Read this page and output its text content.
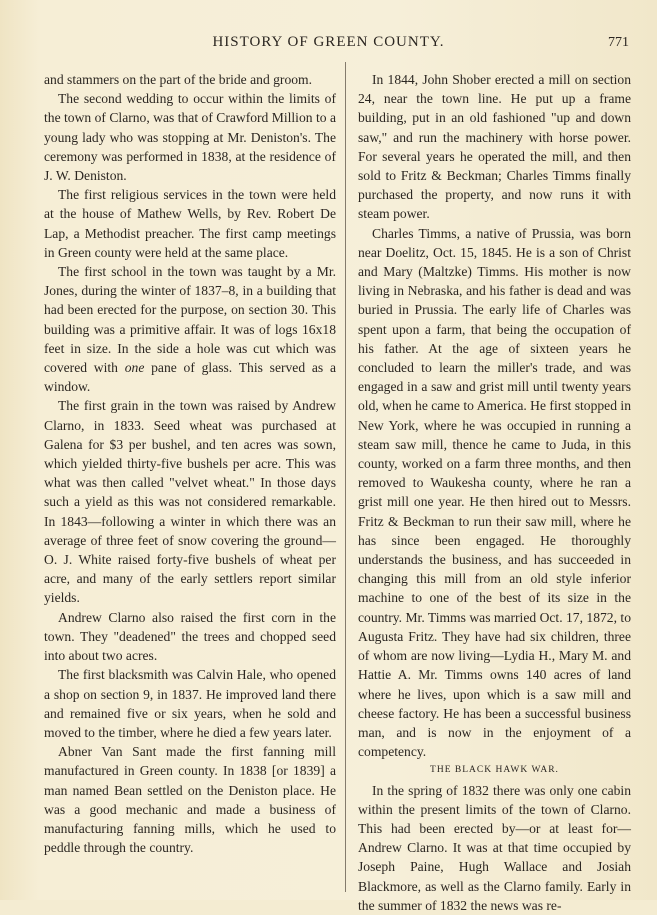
HISTORY OF GREEN COUNTY.	771

and stammers on the part of the bride and groom.

The second wedding to occur within the limits of the town of Clarno, was that of Crawford Million to a young lady who was stopping at Mr. Deniston's. The ceremony was performed in 1838, at the residence of J. W. Deniston.

The first religious services in the town were held at the house of Mathew Wells, by Rev. Robert De Lap, a Methodist preacher. The first camp meetings in Green county were held at the same place.

The first school in the town was taught by a Mr. Jones, during the winter of 1837–8, in a building that had been erected for the purpose, on section 30. This building was a primitive affair. It was of logs 16x18 feet in size. In the side a hole was cut which was covered with one pane of glass. This served as a window.

The first grain in the town was raised by Andrew Clarno, in 1833. Seed wheat was purchased at Galena for $3 per bushel, and ten acres was sown, which yielded thirty-five bushels per acre. This was what was then called "velvet wheat." In those days such a yield as this was not considered remarkable. In 1843—following a winter in which there was an average of three feet of snow covering the ground—O. J. White raised forty-five bushels of wheat per acre, and many of the early settlers report similar yields.

Andrew Clarno also raised the first corn in the town. They "deadened" the trees and chopped seed into about two acres.

The first blacksmith was Calvin Hale, who opened a shop on section 9, in 1837. He improved land there and remained five or six years, when he sold and moved to the timber, where he died a few years later.

Abner Van Sant made the first fanning mill manufactured in Green county. In 1838 [or 1839] a man named Bean settled on the Deniston place. He was a good mechanic and made a business of manufacturing fanning mills, which he used to peddle through the country.

In 1844, John Shober erected a mill on section 24, near the town line. He put up a frame building, put in an old fashioned "up and down saw," and run the machinery with horse power. For several years he operated the mill, and then sold to Fritz & Beckman; Charles Timms finally purchased the property, and now runs it with steam power.

Charles Timms, a native of Prussia, was born near Doelitz, Oct. 15, 1845. He is a son of Christ and Mary (Maltzke) Timms. His mother is now living in Nebraska, and his father is dead and was buried in Prussia. The early life of Charles was spent upon a farm, that being the occupation of his father. At the age of sixteen years he concluded to learn the miller's trade, and was engaged in a saw and grist mill until twenty years old, when he came to America. He first stopped in New York, where he was occupied in running a steam saw mill, thence he came to Juda, in this county, worked on a farm three months, and then removed to Waukesha county, where he ran a grist mill one year. He then hired out to Messrs. Fritz & Beckman to run their saw mill, where he has since been engaged. He thoroughly understands the business, and has succeeded in changing this mill from an old style inferior machine to one of the best of its size in the country. Mr. Timms was married Oct. 17, 1872, to Augusta Fritz. They have had six children, three of whom are now living—Lydia H., Mary M. and Hattie A. Mr. Timms owns 140 acres of land where he lives, upon which is a saw mill and cheese factory. He has been a successful business man, and is now in the enjoyment of a competency.

THE BLACK HAWK WAR.

In the spring of 1832 there was only one cabin within the present limits of the town of Clarno. This had been erected by—or at least for—Andrew Clarno. It was at that time occupied by Joseph Paine, Hugh Wallace and Josiah Blackmore, as well as the Clarno family. Early in the summer of 1832 the news was re-
